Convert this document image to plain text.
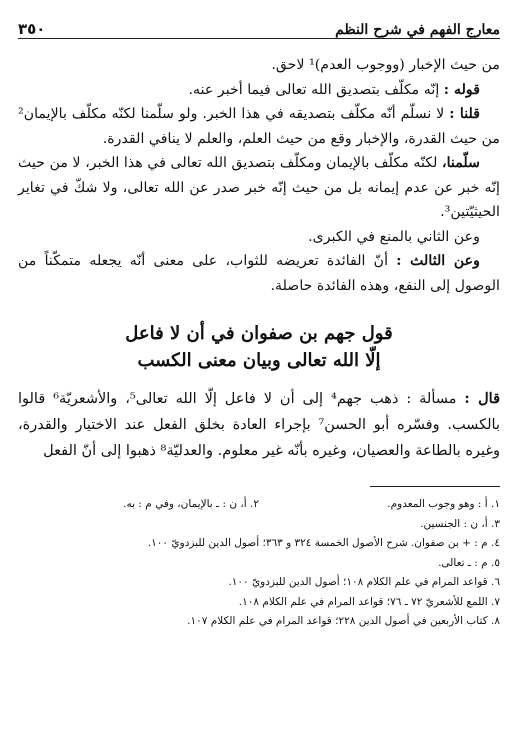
معارج الفهم في شرح النظم
٣٥٠

من حيث الإخبار (ووجوب العدم)¹ لاحق.

قوله : إنّه مكلّف بتصديق الله تعالى فيما أخبر عنه.

قلنا : لا نسلّم أنّه مكلّف بتصديقه في هذا الخبر. ولو سلّمنا لكنّه مكلّف بالإيمان² من حيث القدرة، والإخبار وقع من حيث العلم، والعلم لا ينافي القدرة.

سلّمنا، لكنّه مكلّف بالإيمان ومكلّف بتصديق الله تعالى في هذا الخبر، لا من حيث إنّه خبر عن عدم إيمانه بل من حيث إنّه خبر صدر عن الله تعالى، ولا شكّ في تغاير الحيثيّتين³.

وعن الثاني بالمنع في الكبرى.

وعن الثالث : أنّ الفائدة تعريضه للثواب، على معنى أنّه يجعله متمكّناً من الوصول إلى النفع، وهذه الفائدة حاصلة.

قول جهم بن صفوان في أن لا فاعل
إلّا الله تعالى وبيان معنى الكسب

قال : مسألة : ذهب جهم⁴ إلى أن لا فاعل إلّا الله تعالى⁵، والأشعريّة⁶ قالوا بالكسب. وفسّره أبو الحسن⁷ بإجراء العادة بخلق الفعل عند الاختيار والقدرة، وغيره بالطاعة والعصيان، وغيره بأنّه غير معلوم. والعدليّة⁸ ذهبوا إلى أنّ الفعل

١. أ : وهو وجوب المعدوم.
٢. أ، ن : ـ بالإيمان، وفي م : به.
٣. أ، ن : الجنسين.
٤. م : + بن صفوان. شرح الأصول الخمسة ٣٢٤ و ٣٦٣؛ أصول الدين للبزدويّ ١٠٠.
٥. م : ـ تعالى.
٦. قواعد المرام في علم الكلام ١٠٨؛ أصول الدين للبزدويّ ١٠٠.
٧. اللمع للأشعريّ ٧٢ ـ ٧٦؛ قواعد المرام في علم الكلام ١٠٨.
٨. كتاب الأربعين في أصول الدين ٢٢٨؛ قواعد المرام في علم الكلام ١٠٧.
